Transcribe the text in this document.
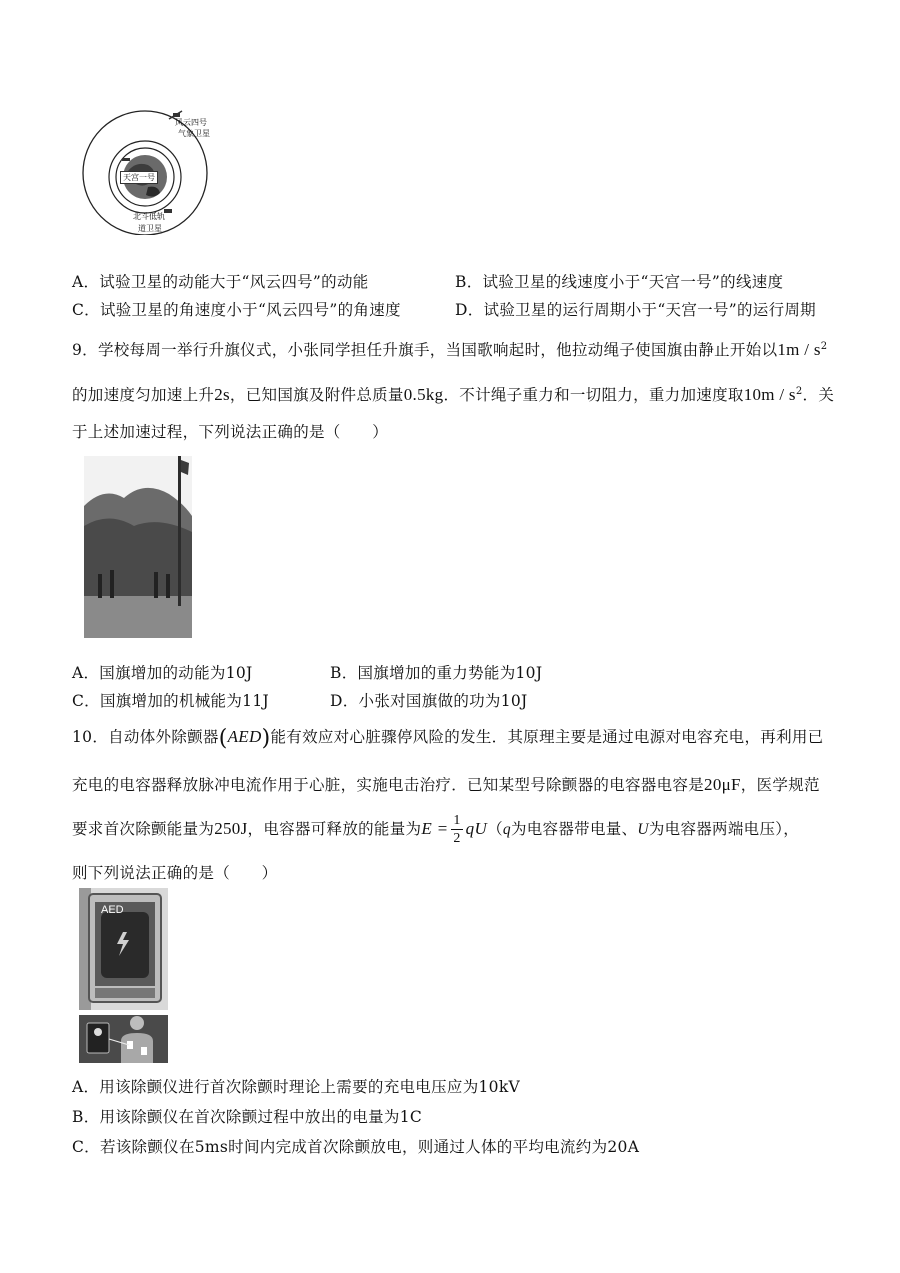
风云四号
气象卫星
天宫一号
北斗低轨
道卫星
A．试验卫星的动能大于“风云四号”的动能	B．试验卫星的线速度小于“天宫一号”的线速度
C．试验卫星的角速度小于“风云四号”的角速度	D．试验卫星的运行周期小于“天宫一号”的运行周期
9．学校每周一举行升旗仪式，小张同学担任升旗手，当国歌响起时，他拉动绳子使国旗由静止开始以$1m / s^2$
的加速度匀加速上升2s，已知国旗及附件总质量0.5kg．不计绳子重力和一切阻力，重力加速度取$10m / s^2$．关
于上述加速过程，下列说法正确的是（　　）
A．国旗增加的动能为10J	B．国旗增加的重力势能为10J
C．国旗增加的机械能为11J	D．小张对国旗做的功为10J
10．自动体外除颤器(AED)能有效应对心脏骤停风险的发生．其原理主要是通过电源对电容充电，再利用已
充电的电容器释放脉冲电流作用于心脏，实施电击治疗．已知某型号除颤器的电容器电容是20μF，医学规范
要求首次除颤能量为250J，电容器可释放的能量为$E = \frac{1}{2} qU(q$为电容器带电量、U为电容器两端电压），
则下列说法正确的是（　　）
AED
A．用该除颤仪进行首次除颤时理论上需要的充电电压应为10kV
B．用该除颤仪在首次除颤过程中放出的电量为1C
C．若该除颤仪在5ms时间内完成首次除颤放电，则通过人体的平均电流约为20A
